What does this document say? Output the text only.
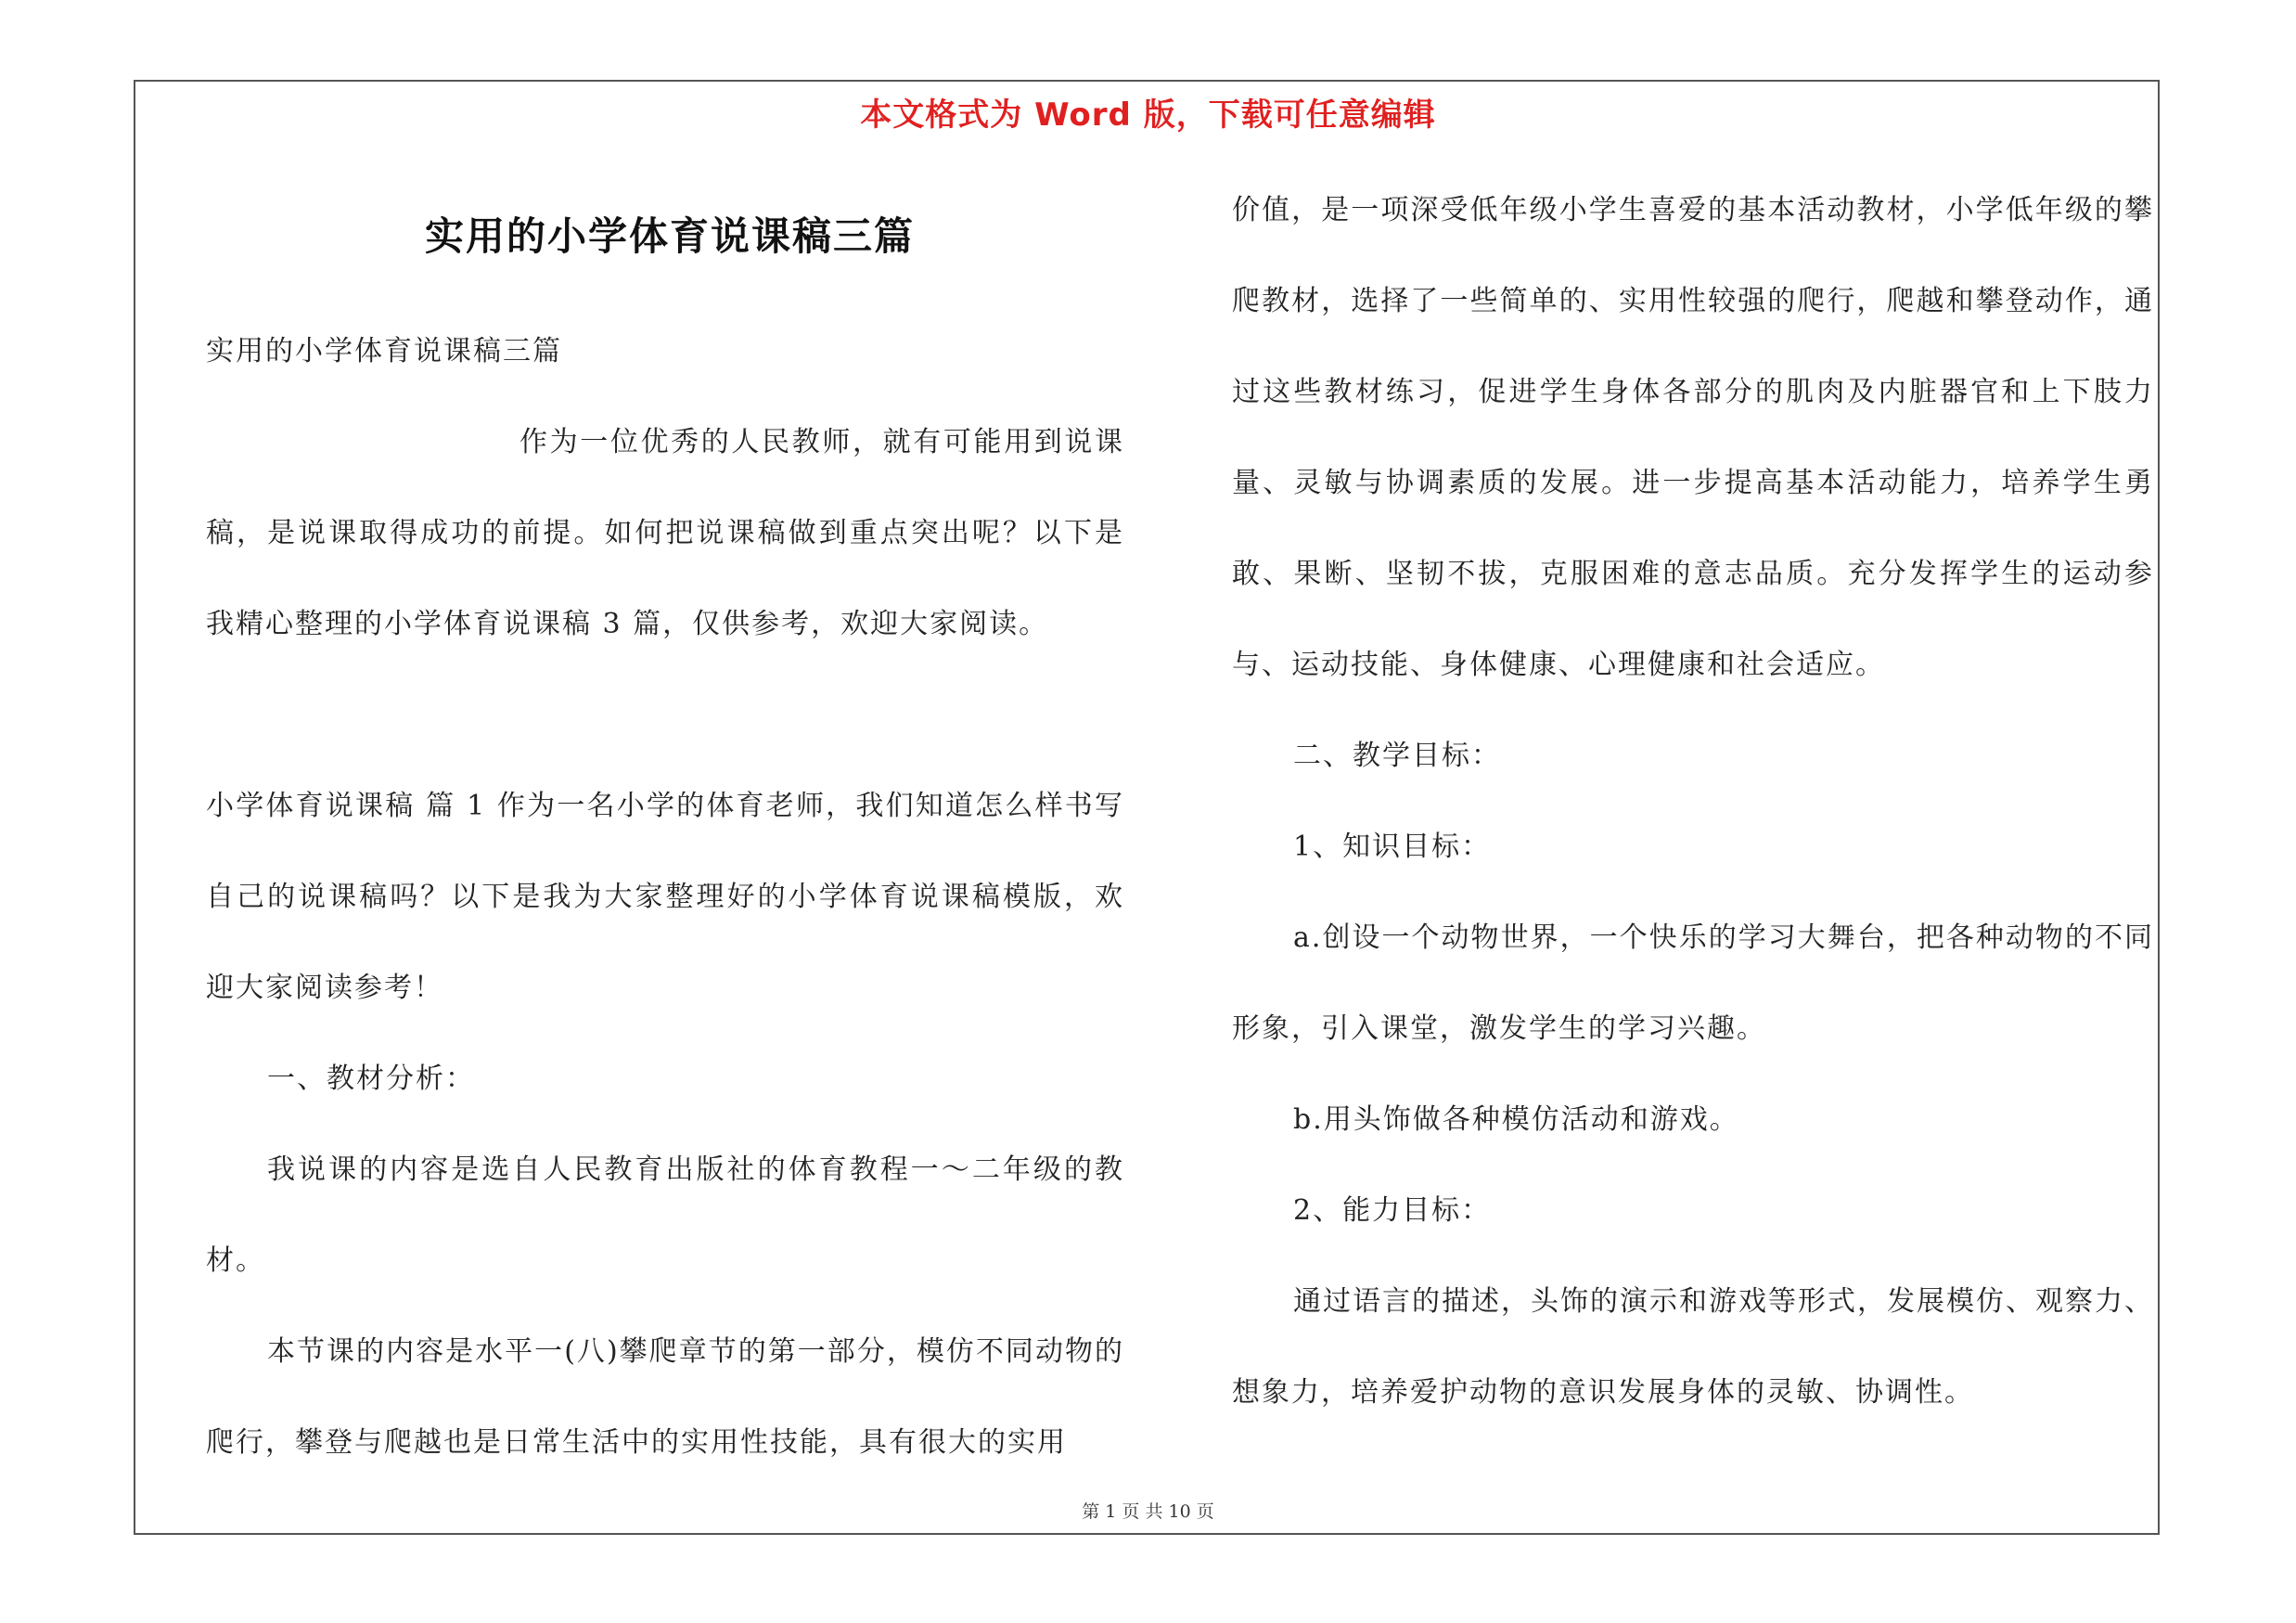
本文格式为 Word 版，下载可任意编辑
实用的小学体育说课稿三篇

实用的小学体育说课稿三篇

作为一位优秀的人民教师，就有可能用到说课稿，是说课取得成功的前提。如何把说课稿做到重点突出呢？以下是我精心整理的小学体育说课稿 3 篇，仅供参考，欢迎大家阅读。

小学体育说课稿 篇 1 作为一名小学的体育老师，我们知道怎么样书写自己的说课稿吗？以下是我为大家整理好的小学体育说课稿模版，欢迎大家阅读参考！

一、教材分析：

我说课的内容是选自人民教育出版社的体育教程一～二年级的教材。

本节课的内容是水平一(八)攀爬章节的第一部分，模仿不同动物的爬行，攀登与爬越也是日常生活中的实用性技能，具有很大的实用

价值，是一项深受低年级小学生喜爱的基本活动教材，小学低年级的攀爬教材，选择了一些简单的、实用性较强的爬行，爬越和攀登动作，通过这些教材练习，促进学生身体各部分的肌肉及内脏器官和上下肢力量、灵敏与协调素质的发展。进一步提高基本活动能力，培养学生勇敢、果断、坚韧不拔，克服困难的意志品质。充分发挥学生的运动参与、运动技能、身体健康、心理健康和社会适应。

二、教学目标：

1、知识目标：

a.创设一个动物世界，一个快乐的学习大舞台，把各种动物的不同形象，引入课堂，激发学生的学习兴趣。

b.用头饰做各种模仿活动和游戏。

2、能力目标：

通过语言的描述，头饰的演示和游戏等形式，发展模仿、观察力、想象力，培养爱护动物的意识发展身体的灵敏、协调性。

第 1 页 共 10 页
